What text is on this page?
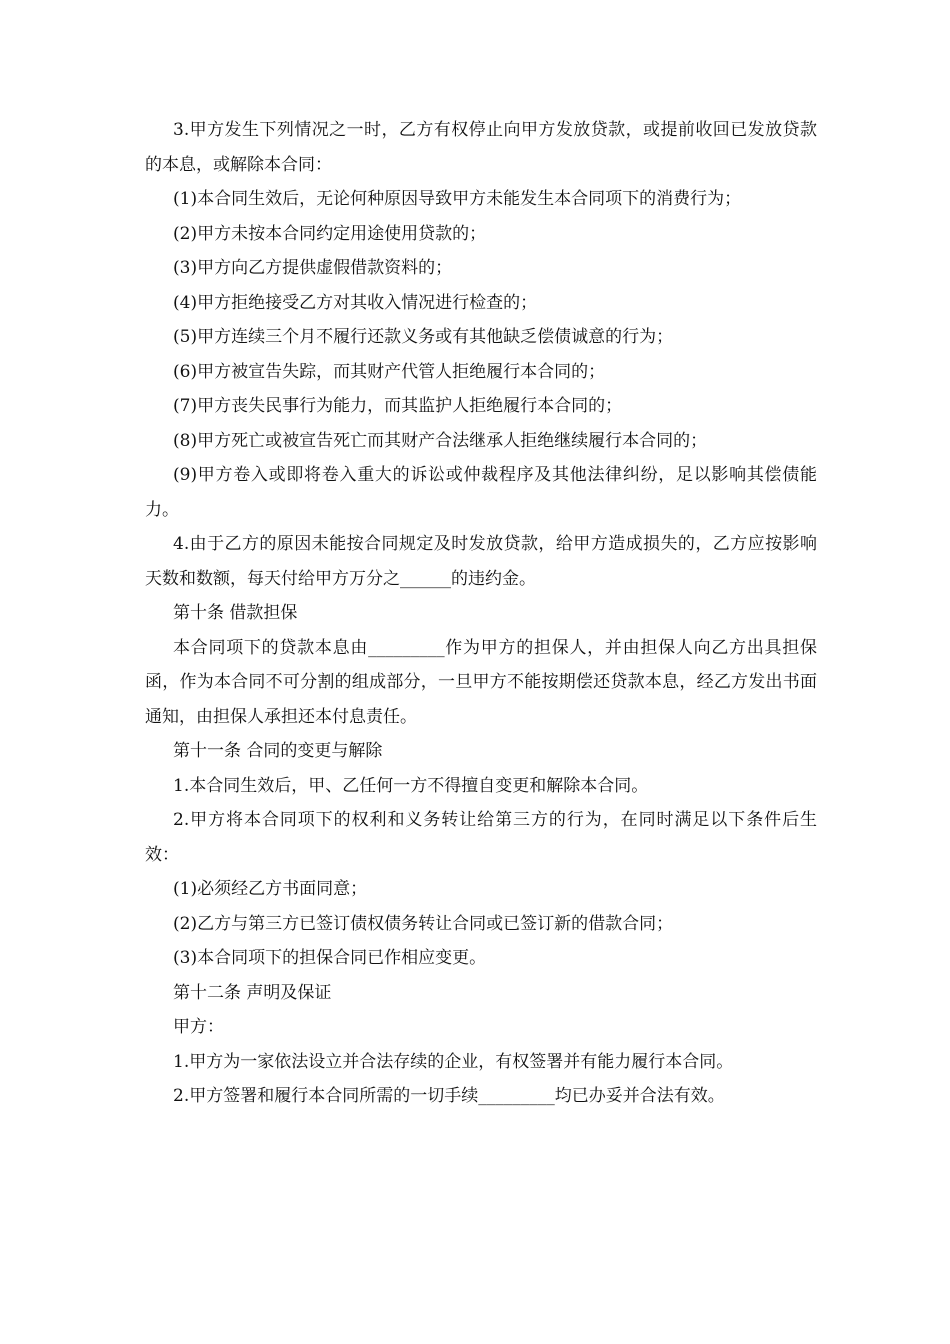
3.甲方发生下列情况之一时，乙方有权停止向甲方发放贷款，或提前收回已发放贷款的本息，或解除本合同：

(1)本合同生效后，无论何种原因导致甲方未能发生本合同项下的消费行为；

(2)甲方未按本合同约定用途使用贷款的；

(3)甲方向乙方提供虚假借款资料的；

(4)甲方拒绝接受乙方对其收入情况进行检查的；

(5)甲方连续三个月不履行还款义务或有其他缺乏偿债诚意的行为；

(6)甲方被宣告失踪，而其财产代管人拒绝履行本合同的；

(7)甲方丧失民事行为能力，而其监护人拒绝履行本合同的；

(8)甲方死亡或被宣告死亡而其财产合法继承人拒绝继续履行本合同的；

(9)甲方卷入或即将卷入重大的诉讼或仲裁程序及其他法律纠纷，足以影响其偿债能力。

4.由于乙方的原因未能按合同规定及时发放贷款，给甲方造成损失的，乙方应按影响天数和数额，每天付给甲方万分之______的违约金。

第十条 借款担保

本合同项下的贷款本息由_________作为甲方的担保人，并由担保人向乙方出具担保函，作为本合同不可分割的组成部分，一旦甲方不能按期偿还贷款本息，经乙方发出书面通知，由担保人承担还本付息责任。

第十一条 合同的变更与解除

1.本合同生效后，甲、乙任何一方不得擅自变更和解除本合同。

2.甲方将本合同项下的权利和义务转让给第三方的行为，在同时满足以下条件后生效：

(1)必须经乙方书面同意；

(2)乙方与第三方已签订债权债务转让合同或已签订新的借款合同；

(3)本合同项下的担保合同已作相应变更。

第十二条 声明及保证

甲方：

1.甲方为一家依法设立并合法存续的企业，有权签署并有能力履行本合同。

2.甲方签署和履行本合同所需的一切手续_________均已办妥并合法有效。
